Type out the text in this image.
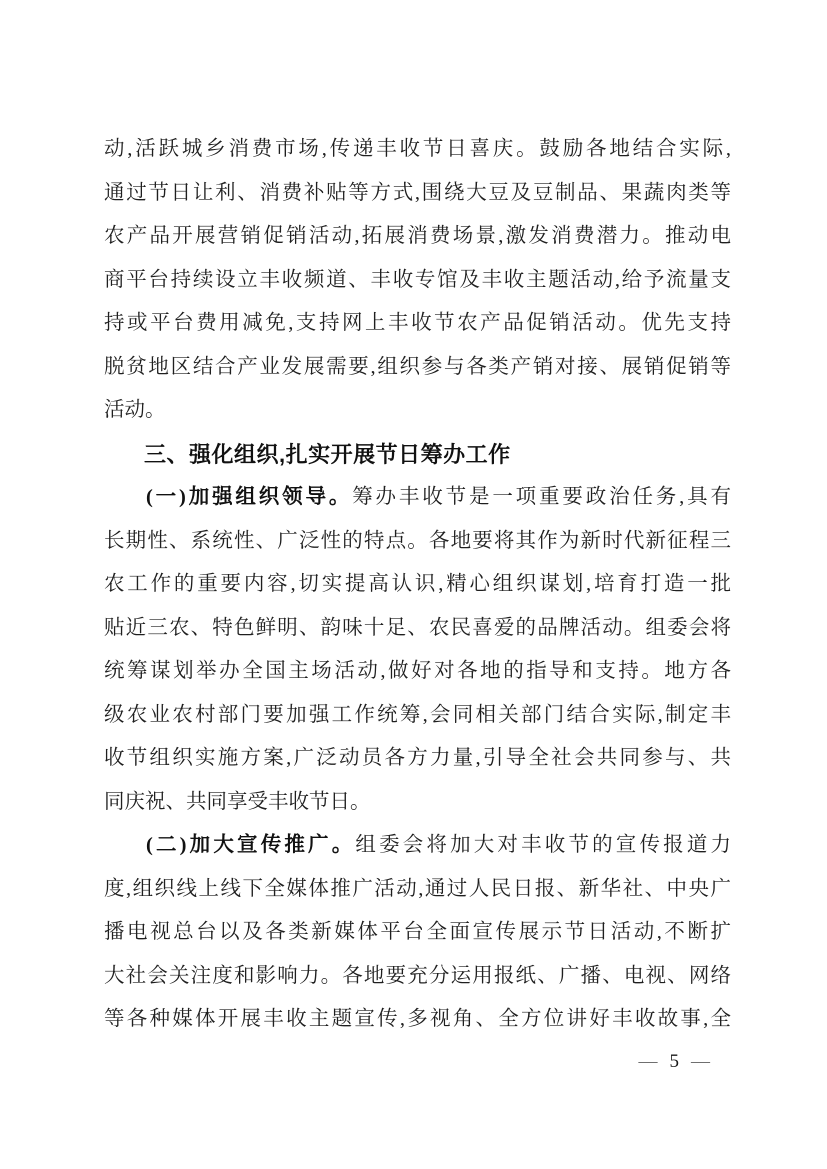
动,活跃城乡消费市场,传递丰收节日喜庆。鼓励各地结合实际,
通过节日让利、消费补贴等方式,围绕大豆及豆制品、果蔬肉类等
农产品开展营销促销活动,拓展消费场景,激发消费潜力。推动电
商平台持续设立丰收频道、丰收专馆及丰收主题活动,给予流量支
持或平台费用减免,支持网上丰收节农产品促销活动。优先支持
脱贫地区结合产业发展需要,组织参与各类产销对接、展销促销等
活动。
三、强化组织,扎实开展节日筹办工作
(一)加强组织领导。筹办丰收节是一项重要政治任务,具有
长期性、系统性、广泛性的特点。各地要将其作为新时代新征程三
农工作的重要内容,切实提高认识,精心组织谋划,培育打造一批
贴近三农、特色鲜明、韵味十足、农民喜爱的品牌活动。组委会将
统筹谋划举办全国主场活动,做好对各地的指导和支持。地方各
级农业农村部门要加强工作统筹,会同相关部门结合实际,制定丰
收节组织实施方案,广泛动员各方力量,引导全社会共同参与、共
同庆祝、共同享受丰收节日。
(二)加大宣传推广。组委会将加大对丰收节的宣传报道力
度,组织线上线下全媒体推广活动,通过人民日报、新华社、中央广
播电视总台以及各类新媒体平台全面宣传展示节日活动,不断扩
大社会关注度和影响力。各地要充分运用报纸、广播、电视、网络
等各种媒体开展丰收主题宣传,多视角、全方位讲好丰收故事,全
— 5 —
